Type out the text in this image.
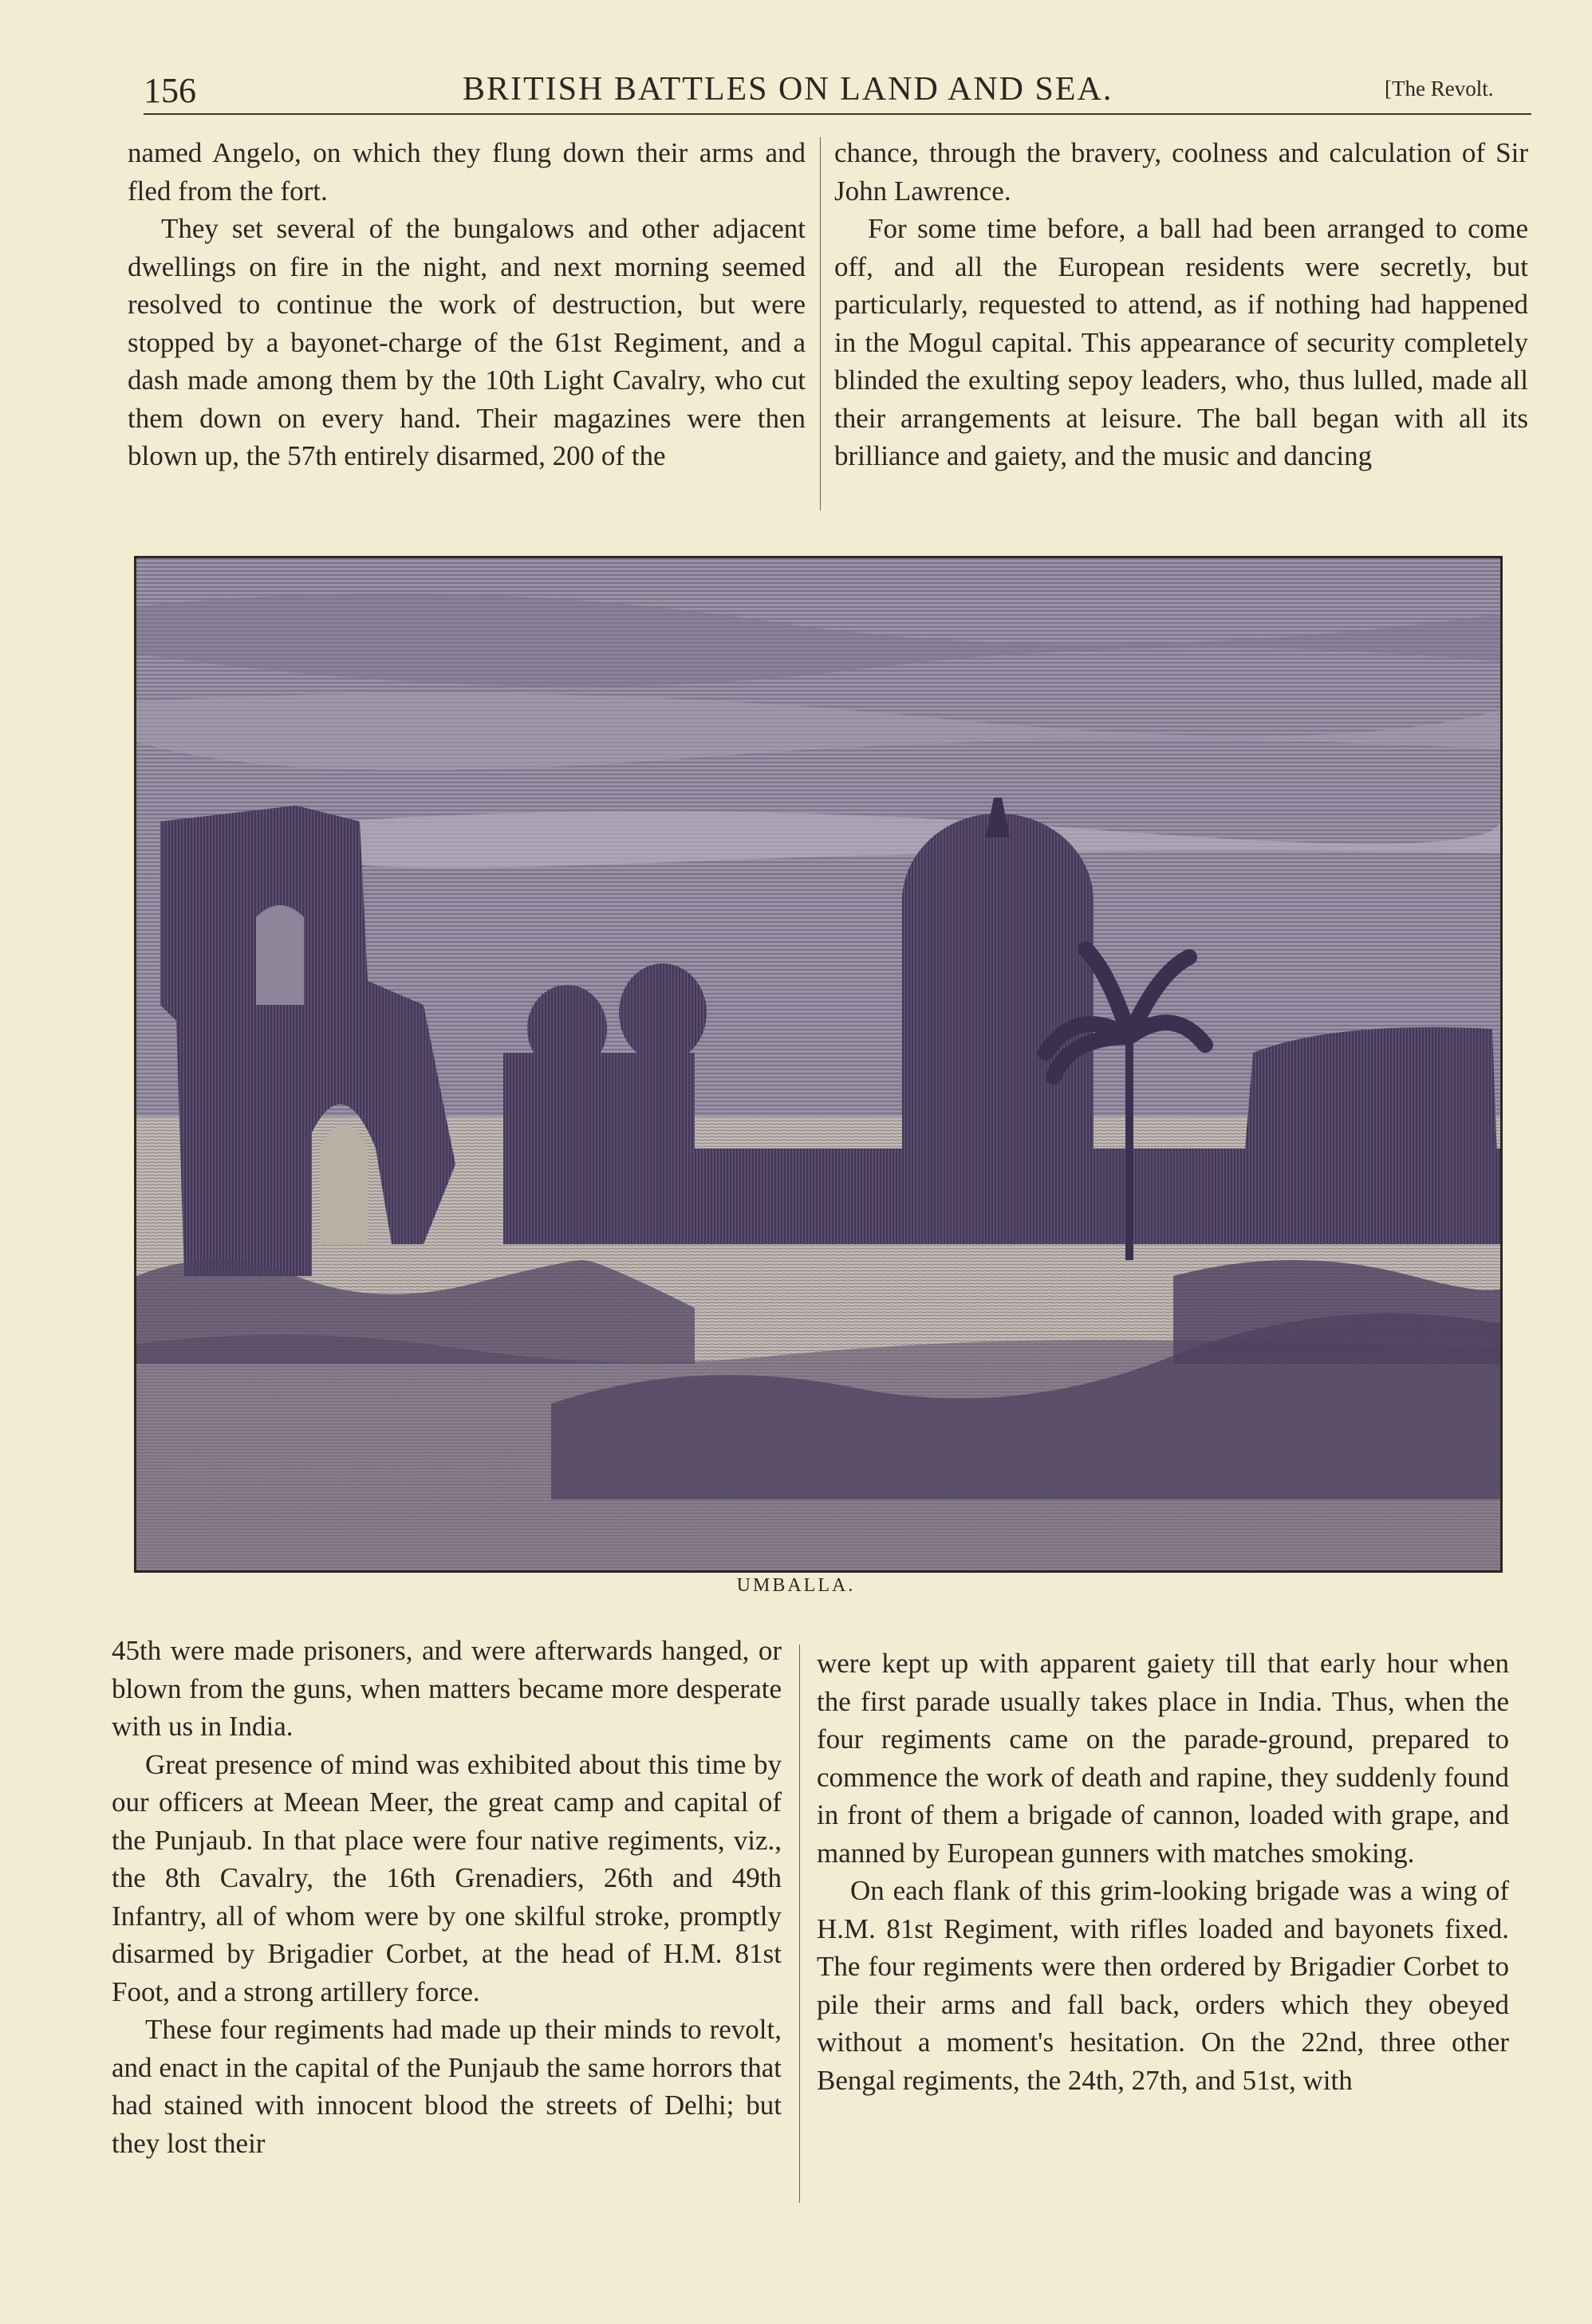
156	BRITISH BATTLES ON LAND AND SEA.	[The Revolt.

named Angelo, on which they flung down their arms and fled from the fort.

They set several of the bungalows and other adjacent dwellings on fire in the night, and next morning seemed resolved to continue the work of destruction, but were stopped by a bayonet-charge of the 61st Regiment, and a dash made among them by the 10th Light Cavalry, who cut them down on every hand. Their magazines were then blown up, the 57th entirely disarmed, 200 of the

chance, through the bravery, coolness and calculation of Sir John Lawrence.

For some time before, a ball had been arranged to come off, and all the European residents were secretly, but particularly, requested to attend, as if nothing had happened in the Mogul capital. This appearance of security completely blinded the exulting sepoy leaders, who, thus lulled, made all their arrangements at leisure. The ball began with all its brilliance and gaiety, and the music and dancing

UMBALLA.

45th were made prisoners, and were afterwards hanged, or blown from the guns, when matters became more desperate with us in India.

Great presence of mind was exhibited about this time by our officers at Meean Meer, the great camp and capital of the Punjaub. In that place were four native regiments, viz., the 8th Cavalry, the 16th Grenadiers, 26th and 49th Infantry, all of whom were by one skilful stroke, promptly disarmed by Brigadier Corbet, at the head of H.M. 81st Foot, and a strong artillery force.

These four regiments had made up their minds to revolt, and enact in the capital of the Punjaub the same horrors that had stained with innocent blood the streets of Delhi; but they lost their

were kept up with apparent gaiety till that early hour when the first parade usually takes place in India. Thus, when the four regiments came on the parade-ground, prepared to commence the work of death and rapine, they suddenly found in front of them a brigade of cannon, loaded with grape, and manned by European gunners with matches smoking.

On each flank of this grim-looking brigade was a wing of H.M. 81st Regiment, with rifles loaded and bayonets fixed. The four regiments were then ordered by Brigadier Corbet to pile their arms and fall back, orders which they obeyed without a moment's hesitation. On the 22nd, three other Bengal regiments, the 24th, 27th, and 51st, with
